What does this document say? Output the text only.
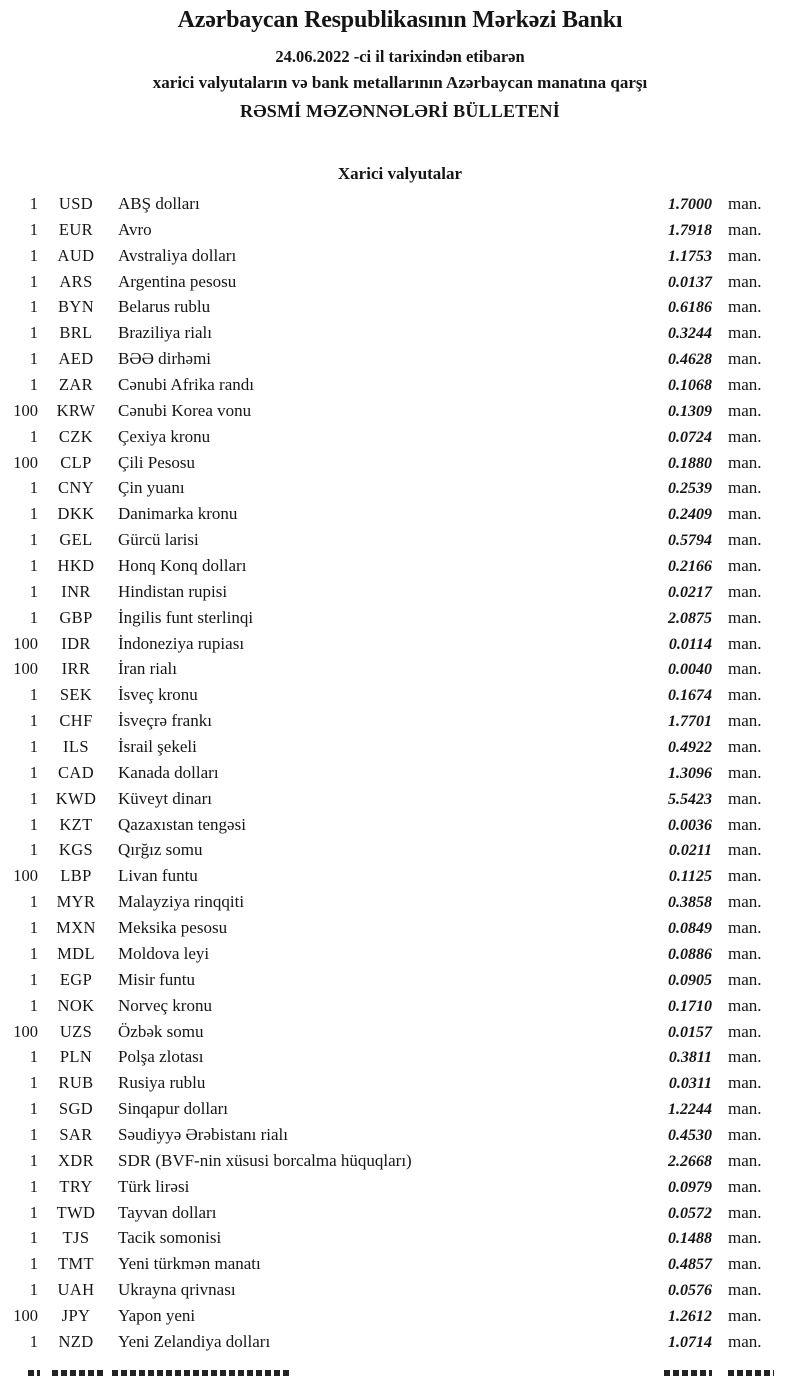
Azərbaycan Respublikasının Mərkəzi Bankı
24.06.2022 -ci il tarixindən etibarən
xarici valyutaların və bank metallarının Azərbaycan manatına qarşı
RƏSMİ MƏZƏNNƏLƏRİ BÜLLETENİ
Xarici valyutalar
1	USD	ABŞ dolları	1.7000 man.
1	EUR	Avro	1.7918 man.
1	AUD	Avstraliya dolları	1.1753 man.
1	ARS	Argentina pesosu	0.0137 man.
1	BYN	Belarus rublu	0.6186 man.
1	BRL	Braziliya rialı	0.3244 man.
1	AED	BƏƏ dirhəmi	0.4628 man.
1	ZAR	Cənubi Afrika randı	0.1068 man.
100	KRW	Cənubi Korea vonu	0.1309 man.
1	CZK	Çexiya kronu	0.0724 man.
100	CLP	Çili Pesosu	0.1880 man.
1	CNY	Çin yuanı	0.2539 man.
1	DKK	Danimarka kronu	0.2409 man.
1	GEL	Gürcü larisi	0.5794 man.
1	HKD	Honq Konq dolları	0.2166 man.
1	INR	Hindistan rupisi	0.0217 man.
1	GBP	İngilis funt sterlinqi	2.0875 man.
100	IDR	İndoneziya rupiası	0.0114 man.
100	IRR	İran rialı	0.0040 man.
1	SEK	İsveç kronu	0.1674 man.
1	CHF	İsveçrə frankı	1.7701 man.
1	ILS	İsrail şekeli	0.4922 man.
1	CAD	Kanada dolları	1.3096 man.
1	KWD	Küveyt dinarı	5.5423 man.
1	KZT	Qazaxıstan tengəsi	0.0036 man.
1	KGS	Qırğız somu	0.0211 man.
100	LBP	Livan funtu	0.1125 man.
1	MYR	Malayziya rinqqiti	0.3858 man.
1	MXN	Meksika pesosu	0.0849 man.
1	MDL	Moldova leyi	0.0886 man.
1	EGP	Misir funtu	0.0905 man.
1	NOK	Norveç kronu	0.1710 man.
100	UZS	Özbək somu	0.0157 man.
1	PLN	Polşa zlotası	0.3811 man.
1	RUB	Rusiya rublu	0.0311 man.
1	SGD	Sinqapur dolları	1.2244 man.
1	SAR	Səudiyyə Ərəbistanı rialı	0.4530 man.
1	XDR	SDR (BVF-nin xüsusi borcalma hüquqları)	2.2668 man.
1	TRY	Türk lirəsi	0.0979 man.
1	TWD	Tayvan dolları	0.0572 man.
1	TJS	Tacik somonisi	0.1488 man.
1	TMT	Yeni türkmən manatı	0.4857 man.
1	UAH	Ukrayna qrivnası	0.0576 man.
100	JPY	Yapon yeni	1.2612 man.
1	NZD	Yeni Zelandiya dolları	1.0714 man.
